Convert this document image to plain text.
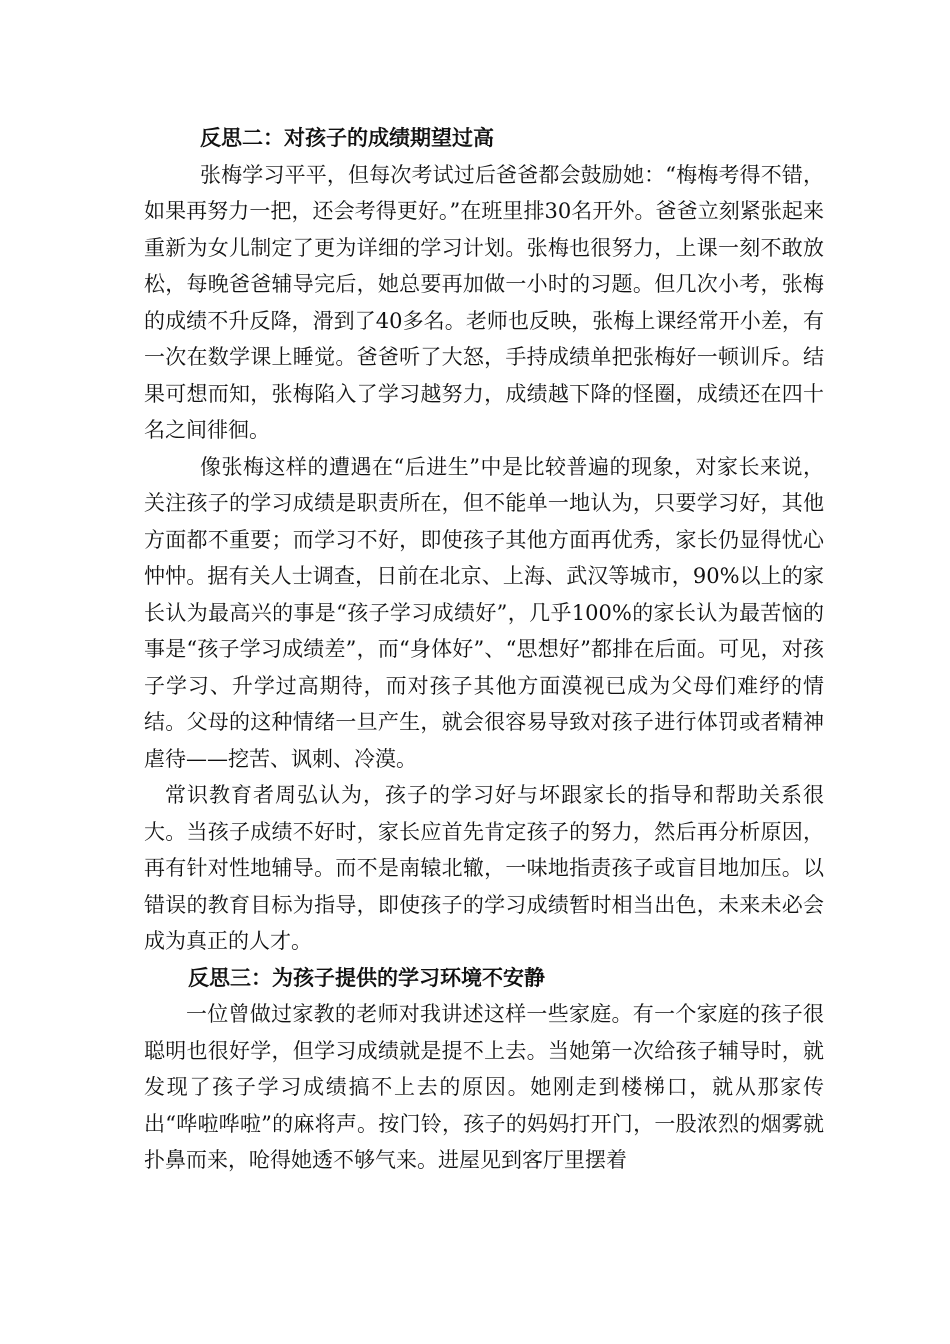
反思二：对孩子的成绩期望过高

张梅学习平平，但每次考试过后爸爸都会鼓励她：“梅梅考得不错，如果再努力一把，还会考得更好。”在班里排30名开外。爸爸立刻紧张起来重新为女儿制定了更为详细的学习计划。张梅也很努力，上课一刻不敢放松，每晚爸爸辅导完后，她总要再加做一小时的习题。但几次小考，张梅的成绩不升反降，滑到了40多名。老师也反映，张梅上课经常开小差，有一次在数学课上睡觉。爸爸听了大怒，手持成绩单把张梅好一顿训斥。结果可想而知，张梅陷入了学习越努力，成绩越下降的怪圈，成绩还在四十名之间徘徊。

像张梅这样的遭遇在“后进生”中是比较普遍的现象，对家长来说，关注孩子的学习成绩是职责所在，但不能单一地认为，只要学习好，其他方面都不重要；而学习不好，即使孩子其他方面再优秀，家长仍显得忧心忡忡。据有关人士调查，日前在北京、上海、武汉等城市，90%以上的家长认为最高兴的事是“孩子学习成绩好”，几乎100%的家长认为最苦恼的事是“孩子学习成绩差”，而“身体好”、“思想好”都排在后面。可见，对孩子学习、升学过高期待，而对孩子其他方面漠视已成为父母们难纾的情结。父母的这种情绪一旦产生，就会很容易导致对孩子进行体罚或者精神虐待——挖苦、讽刺、冷漠。

常识教育者周弘认为，孩子的学习好与坏跟家长的指导和帮助关系很大。当孩子成绩不好时，家长应首先肯定孩子的努力，然后再分析原因，再有针对性地辅导。而不是南辕北辙，一味地指责孩子或盲目地加压。以错误的教育目标为指导，即使孩子的学习成绩暂时相当出色，未来未必会成为真正的人才。

反思三：为孩子提供的学习环境不安静

一位曾做过家教的老师对我讲述这样一些家庭。有一个家庭的孩子很聪明也很好学，但学习成绩就是提不上去。当她第一次给孩子辅导时，就发现了孩子学习成绩搞不上去的原因。她刚走到楼梯口，就从那家传出“哗啦哗啦”的麻将声。按门铃，孩子的妈妈打开门，一股浓烈的烟雾就扑鼻而来，呛得她透不够气来。进屋见到客厅里摆着
